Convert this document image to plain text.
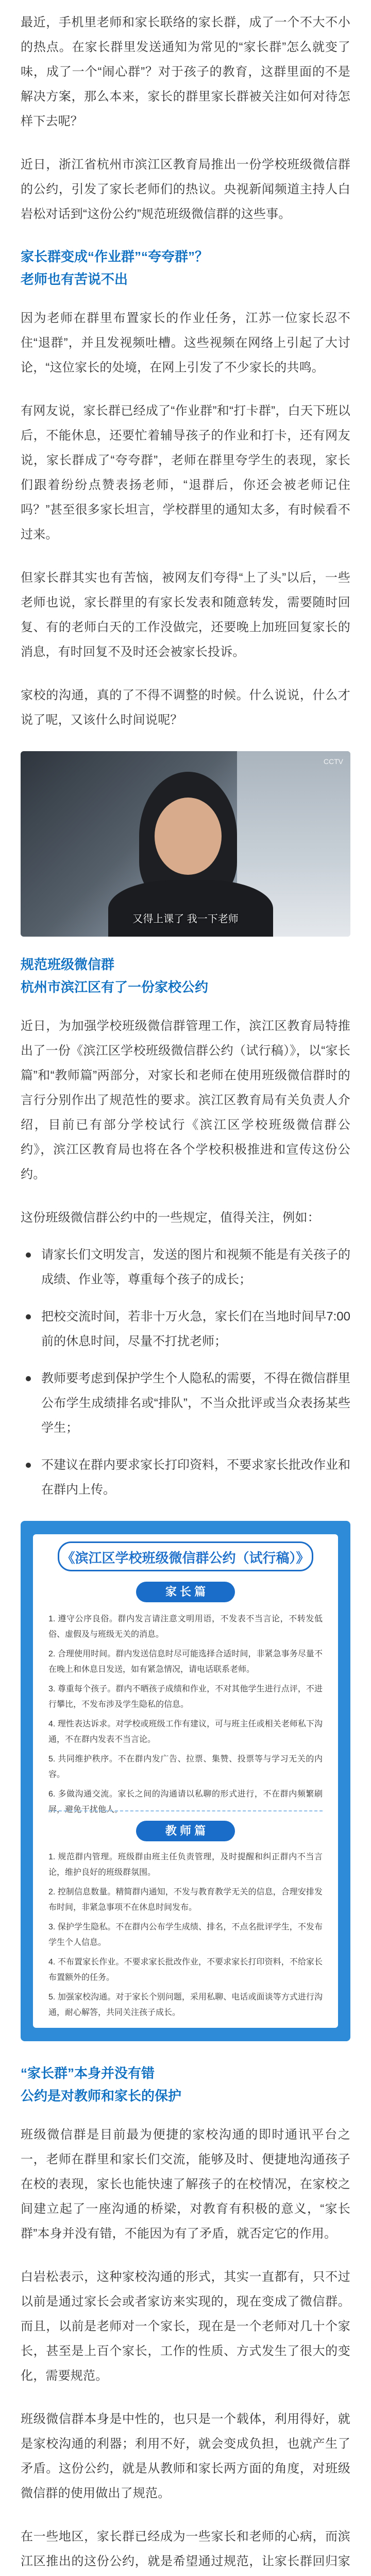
最近，手机里老师和家长联络的家长群，成了一个不大不小的热点。在家长群里发送通知为常见的“家长群”怎么就变了味，成了一个“闹心群”？对于孩子的教育，这群里面的不是解决方案，那么本来，家长的群里家长群被关注如何对待怎样下去呢？

近日，浙江省杭州市滨江区教育局推出一份学校班级微信群的公约，引发了家长老师们的热议。央视新闻频道主持人白岩松对话到“这份公约”规范班级微信群的这些事。

家长群变成“作业群”“夸夸群”？
老师也有苦说不出

因为老师在群里布置家长的作业任务，江苏一位家长忍不住“退群”，并且发视频吐槽。这些视频在网络上引起了大讨论，“这位家长的处境，在网上引发了不少家长的共鸣。

有网友说，家长群已经成了“作业群”和“打卡群”，白天下班以后，不能休息，还要忙着辅导孩子的作业和打卡，还有网友说，家长群成了“夸夸群”，老师在群里夸学生的表现，家长们跟着纷纷点赞表扬老师，“退群后，你还会被老师记住吗？”甚至很多家长坦言，学校群里的通知太多，有时候看不过来。

但家长群其实也有苦恼，被网友们夸得“上了头”以后，一些老师也说，家长群里的有家长发表和随意转发，需要随时回复、有的老师白天的工作没做完，还要晚上加班回复家长的消息，有时回复不及时还会被家长投诉。

家校的沟通，真的了不得不调整的时候。什么说说，什么才说了呢，又该什么时间说呢？

CCTV
又得上课了 我一下老师
规范班级微信群
杭州市滨江区有了一份家校公约

近日，为加强学校班级微信群管理工作，滨江区教育局特推出了一份《滨江区学校班级微信群公约（试行稿）》，以“家长篇”和“教师篇”两部分，对家长和老师在使用班级微信群时的言行分别作出了规范性的要求。滨江区教育局有关负责人介绍，目前已有部分学校试行《滨江区学校班级微信群公约》，滨江区教育局也将在各个学校积极推进和宣传这份公约。

这份班级微信群公约中的一些规定，值得关注，例如：

请家长们文明发言，发送的图片和视频不能是有关孩子的成绩、作业等，尊重每个孩子的成长；
把校交流时间，若非十万火急，家长们在当地时间早7:00前的休息时间，尽量不打扰老师；
教师要考虑到保护学生个人隐私的需要，不得在微信群里公布学生成绩排名或“排队”，不当众批评或当众表扬某些学生；
不建议在群内要求家长打印资料，不要求家长批改作业和在群内上传。
《滨江区学校班级微信群公约（试行稿）》
家 长 篇

1. 遵守公序良俗。群内发言请注意文明用语，不发表不当言论，不转发低俗、虚假及与班级无关的消息。

2. 合理使用时间。群内发送信息时尽可能选择合适时间，非紧急事务尽量不在晚上和休息日发送，如有紧急情况，请电话联系老师。

3. 尊重每个孩子。群内不晒孩子成绩和作业，不对其他学生进行点评，不进行攀比，不发布涉及学生隐私的信息。

4. 理性表达诉求。对学校或班级工作有建议，可与班主任或相关老师私下沟通，不在群内发表不当言论。

5. 共同维护秩序。不在群内发广告、拉票、集赞、投票等与学习无关的内容。

6. 多做沟通交流。家长之间的沟通请以私聊的形式进行，不在群内频繁刷屏，避免干扰他人。

教 师 篇

1. 规范群内管理。班级群由班主任负责管理，及时提醒和纠正群内不当言论，维护良好的班级群氛围。

2. 控制信息数量。精简群内通知，不发与教育教学无关的信息，合理安排发布时间，非紧急事项不在休息时间发布。

3. 保护学生隐私。不在群内公布学生成绩、排名，不点名批评学生，不发布学生个人信息。

4. 不布置家长作业。不要求家长批改作业，不要求家长打印资料，不给家长布置额外的任务。

5. 加强家校沟通。对于家长个别问题，采用私聊、电话或面谈等方式进行沟通，耐心解答，共同关注孩子成长。

“家长群”本身并没有错
公约是对教师和家长的保护

班级微信群是目前最为便捷的家校沟通的即时通讯平台之一，老师在群里和家长们交流，能够及时、便捷地沟通孩子在校的表现，家长也能快速了解孩子的在校情况，在家校之间建立起了一座沟通的桥梁，对教育有积极的意义，“家长群”本身并没有错，不能因为有了矛盾，就否定它的作用。

白岩松表示，这种家校沟通的形式，其实一直都有，只不过以前是通过家长会或者家访来实现的，现在变成了微信群。而且，以前是老师对一个家长，现在是一个老师对几十个家长，甚至是上百个家长，工作的性质、方式发生了很大的变化，需要规范。

班级微信群本身是中性的，也只是一个载体，利用得好，就是家校沟通的利器；利用不好，就会变成负担，也就产生了矛盾。这份公约，就是从教师和家长两方面的角度，对班级微信群的使用做出了规范。

在一些地区，家长群已经成为一些家长和老师的心病，而滨江区推出的这份公约，就是希望通过规范，让家长群回归家
